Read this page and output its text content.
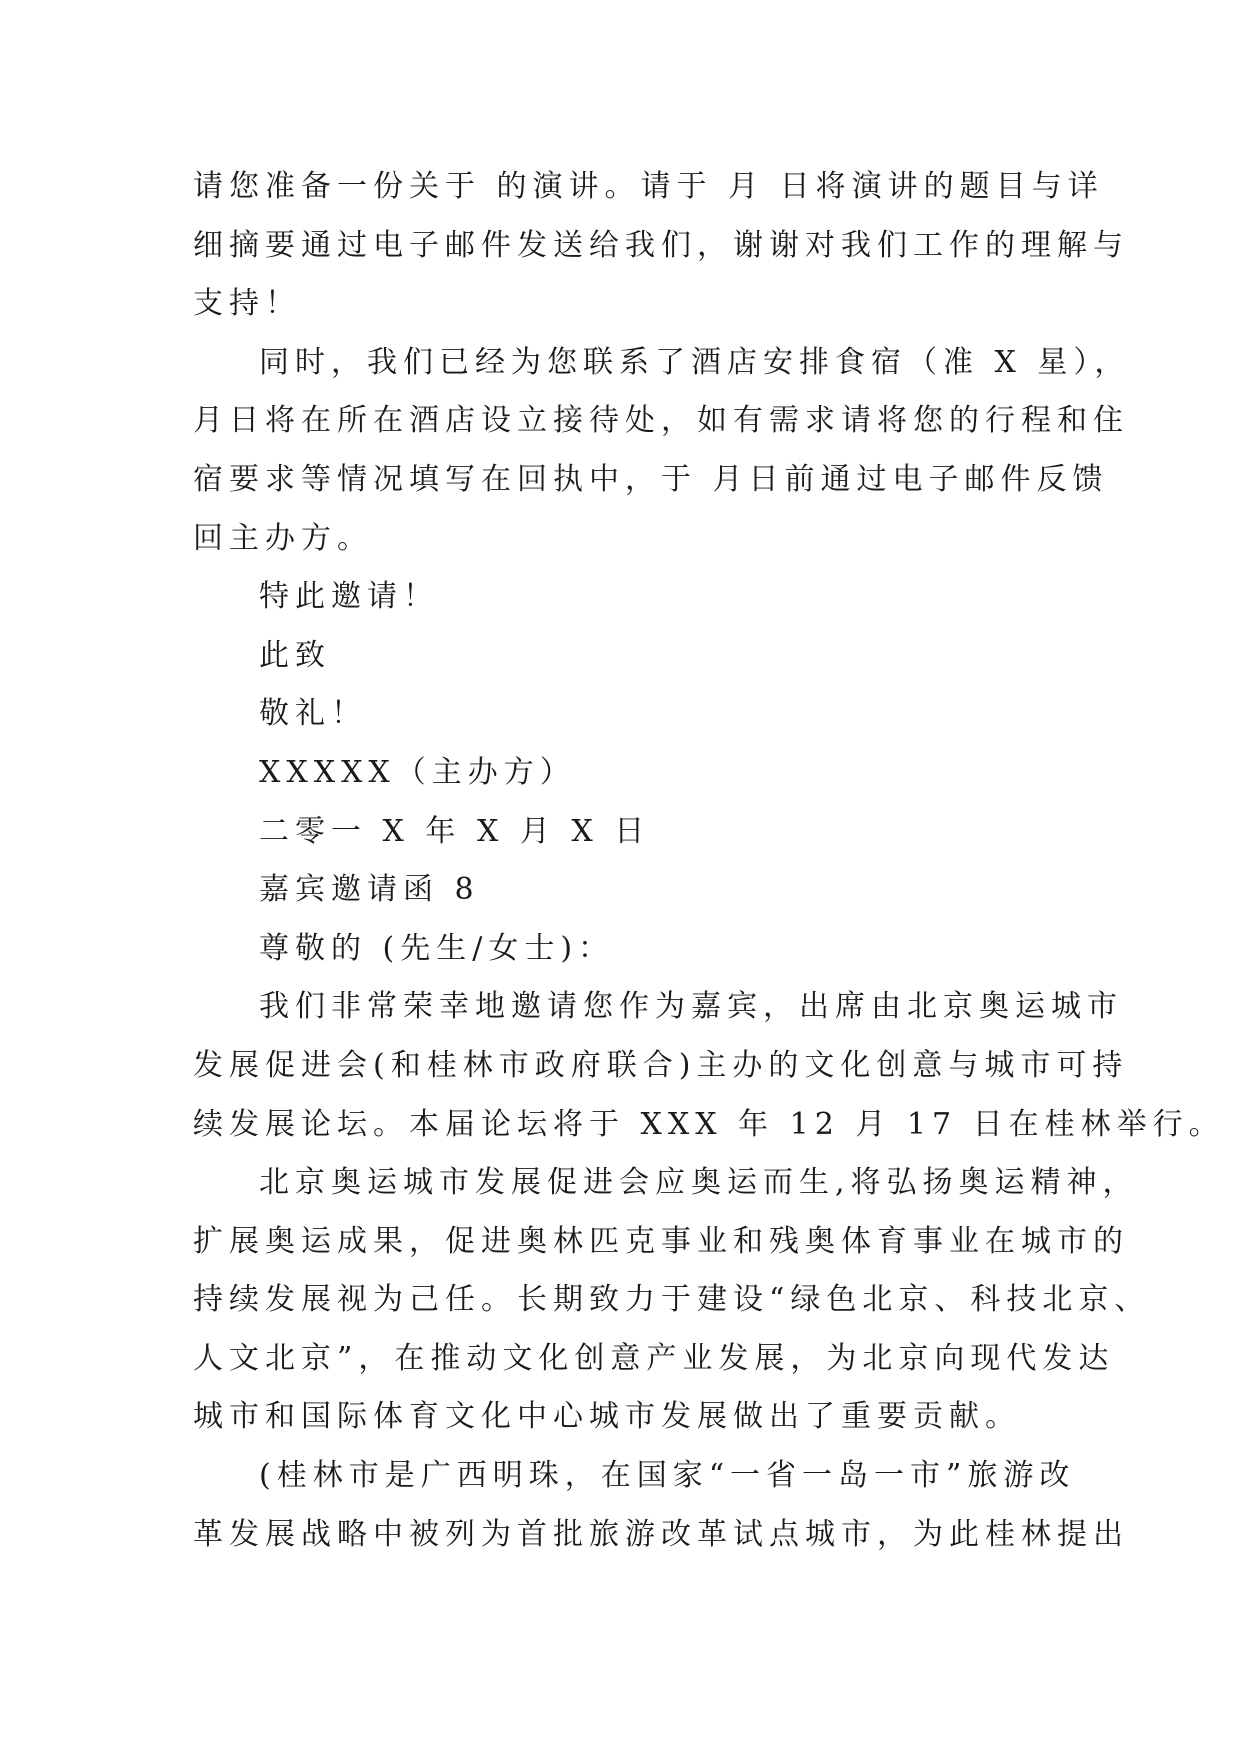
请您准备一份关于 的演讲。请于 月 日将演讲的题目与详
细摘要通过电子邮件发送给我们，谢谢对我们工作的理解与
支持！
同时，我们已经为您联系了酒店安排食宿（准 X 星），
月日将在所在酒店设立接待处，如有需求请将您的行程和住
宿要求等情况填写在回执中，于 月日前通过电子邮件反馈
回主办方。
特此邀请！
此致
敬礼！
XXXXX（主办方）
二零一 X 年 X 月 X 日
嘉宾邀请函 8
尊敬的 (先生/女士)：
我们非常荣幸地邀请您作为嘉宾，出席由北京奥运城市
发展促进会(和桂林市政府联合)主办的文化创意与城市可持
续发展论坛。本届论坛将于 XXX 年 12 月 17 日在桂林举行。
北京奥运城市发展促进会应奥运而生,将弘扬奥运精神，
扩展奥运成果，促进奥林匹克事业和残奥体育事业在城市的
持续发展视为己任。长期致力于建设“绿色北京、科技北京、
人文北京”，在推动文化创意产业发展，为北京向现代发达
城市和国际体育文化中心城市发展做出了重要贡献。
(桂林市是广西明珠，在国家“一省一岛一市”旅游改
革发展战略中被列为首批旅游改革试点城市，为此桂林提出
